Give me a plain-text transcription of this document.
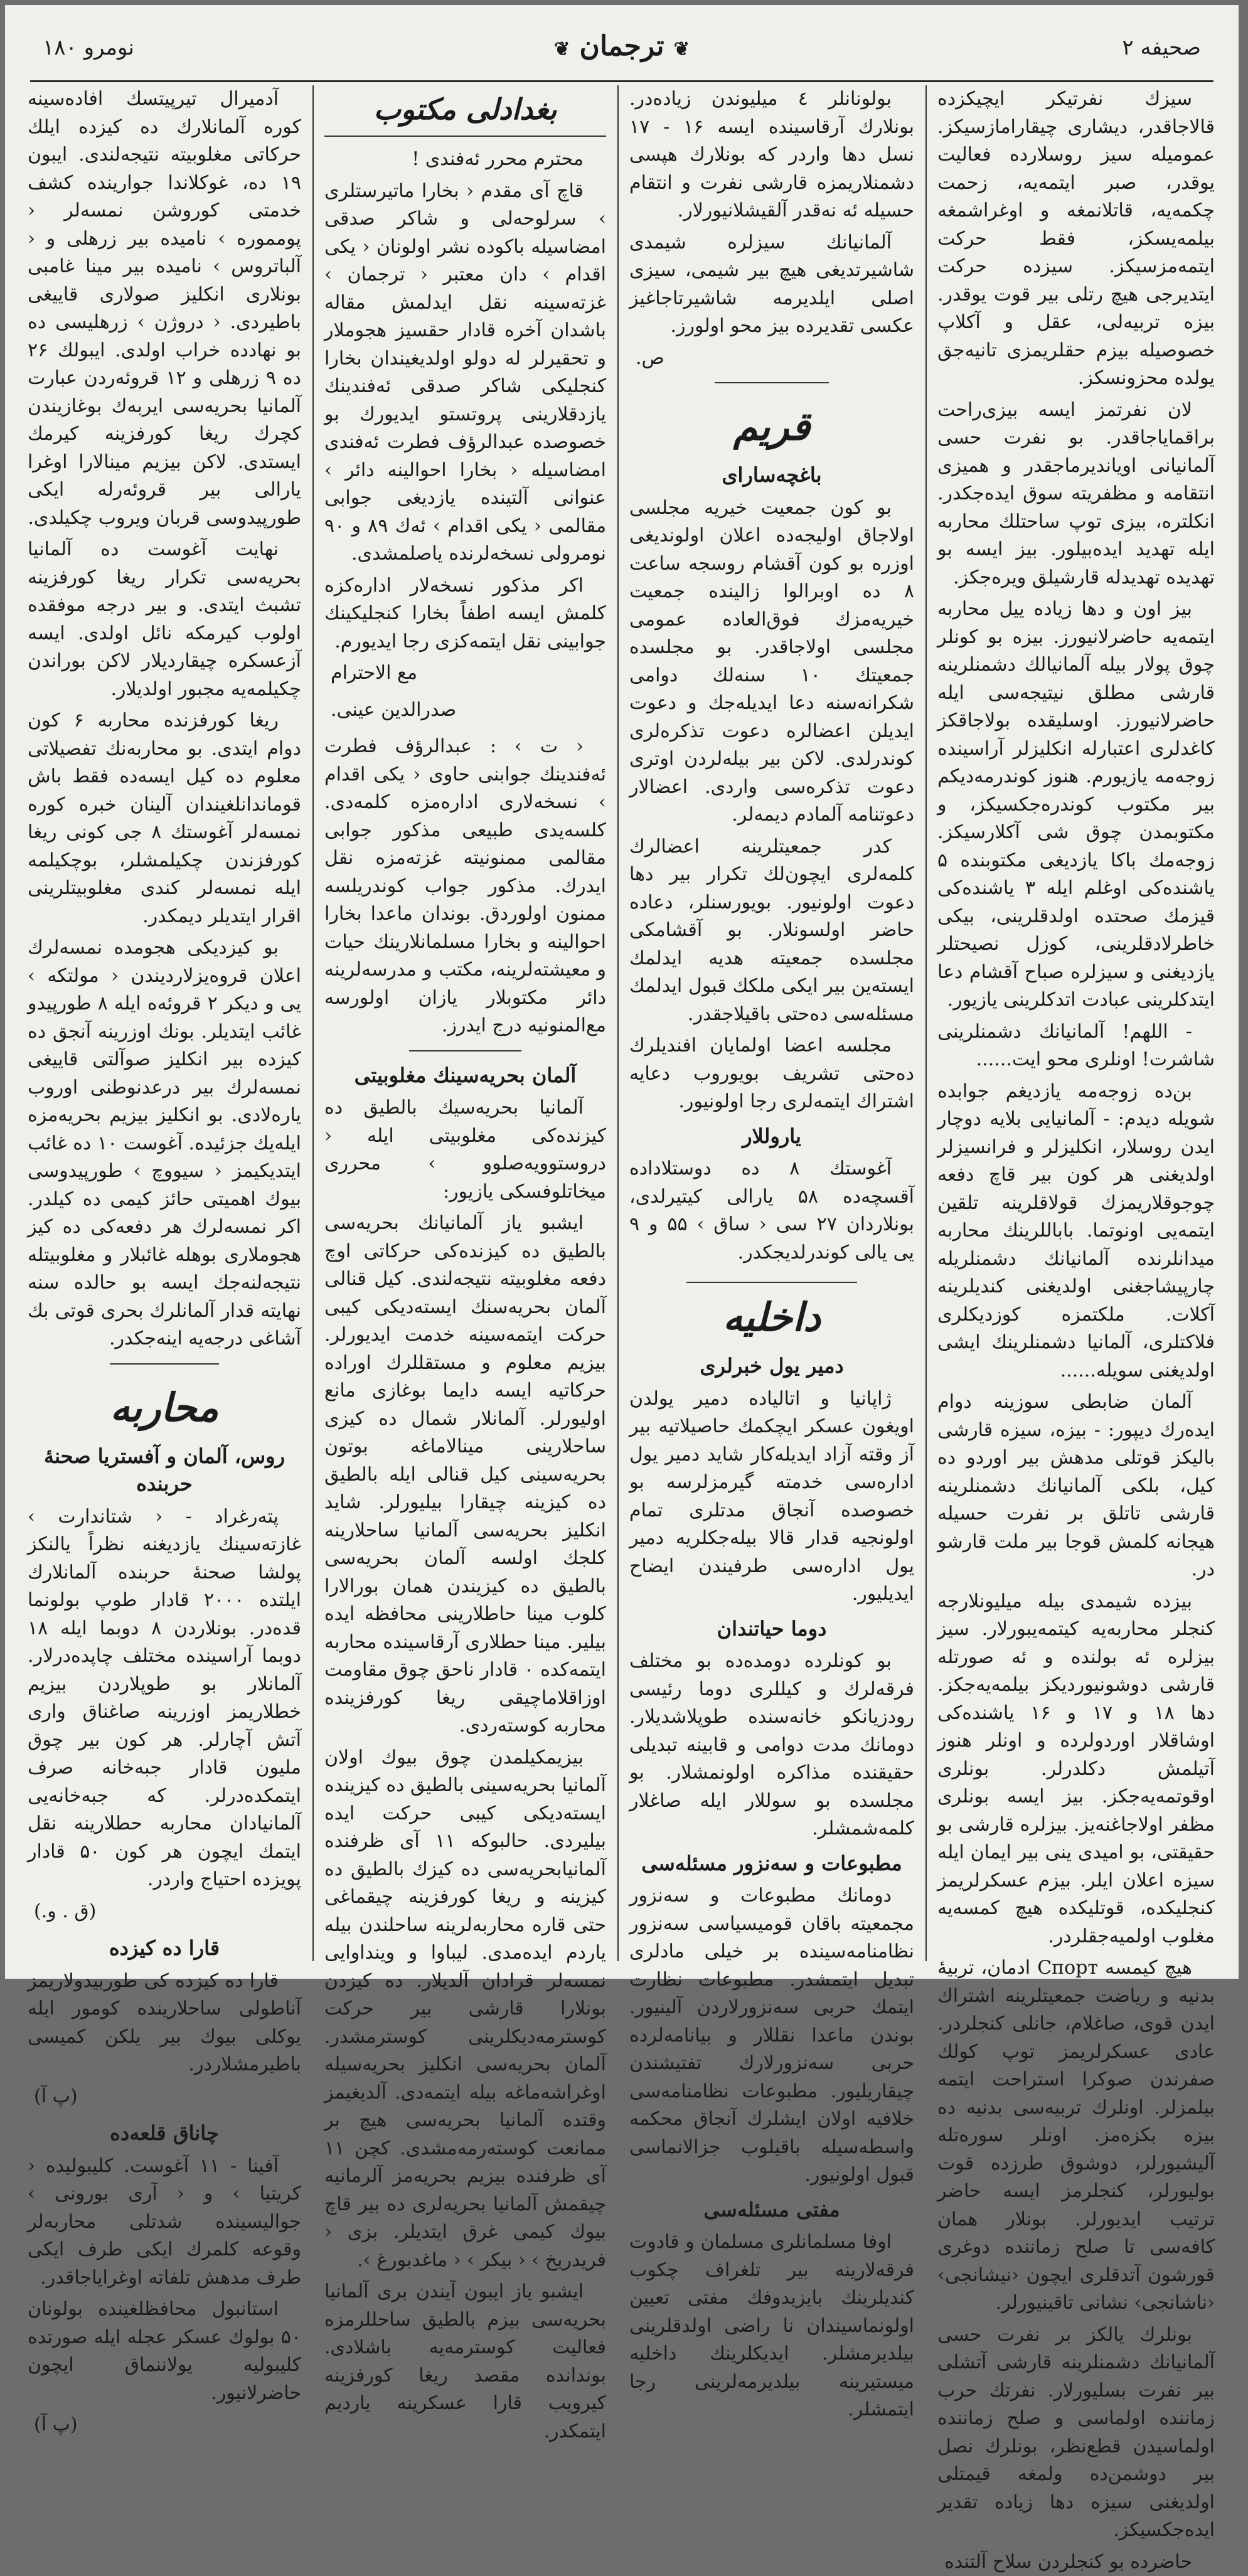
صحیفه ۲
❦ ترجمان ❦
نومرو ۱۸۰

سیزك نفرتیكر ایچیكزده قالاجاقدر، دیشاری چیقارامازسیكز. عمومیله سیز روسلارده فعالیت یوقدر، صبر ایتمه‌یه، زحمت چكمه‌یه، قاتلانمغه و اوغراشمغه بیلمه‌یسكز، فقط حركت ایتمه‌مزسیكز. سیزده حركت ایتدیرجی هیچ رتلی بیر قوت یوقدر. بیزه تربیه‌لی، عقل و آكلاپ خصوصیله بیزم حقلریمزی تانیه‌جق یولده محزونسكز.

لان نفرتمز ایسه بیزی‌راحت براقمایاجاقدر. بو نفرت حسی آلمانیانی اویاندیرماجقدر و همیزی انتقامه و مظفریته سوق ایده‌جكدر. انكلتره، بیزی توپ ساحتلك محاربه ایله تهدید ایده‌بیلور. بیز ایسه بو تهدیده تهدیدله قارشیلق ویره‌جكز.

بیز اون و دها زیاده ییل محاربه ایتمه‌یه حاضرلانیورز. بیزه بو كونلر چوق پولار بیله آلمانیالك دشمنلرینه قارشی مطلق نیتیجه‌سی ایله حاضرلانیورز. اوسلیقده بولاجاقكز كاغدلری اعتبارله انكلیزلر آراسینده زوجه‌مه یازیورم. هنوز كوندرمه‌دیكم بیر مكتوب كوندره‌جكسیكز، و مكتوبمدن چوق شی آكلارسیكز. زوجه‌مك باكا یازدیغی مكتوبنده ۵ یاشنده‌كی اوغلم ایله ۳ یاشنده‌كی قیزمك صحتده اولدقلرینی، بیكی خاطرلادقلرینی، كوزل نصیحتلر یازدیغنی و سیزلره صباح آقشام دعا ایتدكلرینی عبادت اتدكلرینی یازیور.

- اللهم! آلمانیانك دشمنلرینی شاشرت! اونلری محو ایت......

بن‌ده زوجه‌مه یازدیغم جوابده شویله دیدم: - آلمانیایی بلایه دوچار ایدن روسلار، انكلیزلر و فرانسیزلر اولدیغنی هر كون بیر قاچ دفعه چوجوقلاریمزك قولاقلرینه تلقین ایتمه‌یی اونوتما. باباللرینك محاربه میدانلرنده آلمانیانك دشمنلریله چارپیشاجغنی اولدیغنی كندیلرینه آكلات. ملكتمزه كوزدیكلری فلاكتلری، آلمانیا دشمنلرینك ایشی اولدیغنی سویله......

آلمان ضابطی سوزینه دوام ایده‌رك دیپور: - بیزه، سیزه قارشی بالیكز قوتلی مدهش بیر اوردو ده كیل، بلكی آلمانیانك دشمنلرینه قارشی تاتلق بر نفرت حسیله هیجانه كلمش قوجا بیر ملت قارشو در.

بیزده شیمدی بیله میلیونلارجه كنجلر محاربه‌یه كیتمه‌یبورلار. سیز بیزلره ئه بولنده و ئه صورتله قارشی دوشونیوردیكز بیلمه‌یه‌جكز. دها ۱۸ و ۱۷ و ۱۶ یاشنده‌كی اوشاقلار اوردولرده و اونلر هنوز آتیلمش دكلدرلر. بونلری اوقوتمه‌یه‌جكز. بیز ایسه بونلری مظفر اولاجاغنه‌یز. بیزلره قارشی بو حقیقتی، بو امیدی ینی بیر ایمان ایله سیزه اعلان ایلر. بیزم عسكرلریمز كنجلیكده، قوتلیكده هیچ كمسه‌یه مغلوب اولمیه‌جقلردر.

هیچ كیمسه Спорт ادمان، تربیهٔ بدنیه و ریاضت جمعیتلرینه اشتراك ایدن قوی، صاغلام، جانلی كنجلردر. عادی عسكرلریمز توپ كولك صفرندن صوكرا استراحت ایتمه بیلمزلر. اونلرك تربیه‌سی بدنیه ده بیزه بكزه‌مز. اونلر سوره‌تله آلیشیورلر، دوشوق طرزده قوت بولیورلر، كنجلرمز ایسه حاضر ترتیب ایدیورلر. بونلار همان كافه‌سی تا صلح زماننده دوغری قورشون آتدقلری ایچون ‹نیشانجی› ‹ناشانجی› نشانی تاقینیورلر.

بونلرك یالكز بر نفرت حسی آلمانیانك دشمنلرینه قارشی آتشلی بیر نفرت بسلیورلار. نفرتك حرب زماننده اولماسی و صلح زماننده اولماسیدن قطع‌نظر، بونلرك نصل بیر دوشمن‌ده ولمغه قیمتلی اولدیغنی سیزه دها زیاده تقدیر ایده‌جكسیكز.

حاضرده بو كنجلردن سلاح آلتنده

بولونانلر ٤ میلیوندن زیاده‌در. بونلارك آرقاسینده ایسه ۱۶ - ۱۷ نسل دها واردر كه بونلارك هپسی دشمنلاریمزه قارشی نفرت و انتقام حسیله ئه نه‌قدر آلقیشلانیورلار.

آلمانیانك سیزلره شیمدی شاشیرتدیغی هیچ بیر شیمی، سیزی اصلی ایلدیرمه شاشیرتاجاغیز عكسی تقدیرده بیز محو اولورز.

ص.

قریم
باغچه‌سارای

بو كون جمعیت خیریه مجلسی اولاجاق اولیجه‌ده اعلان اولوندیغی اوزره بو كون آقشام روسجه ساعت ۸ ده اوبرالوا زالینده جمعیت خیریه‌مزك فوق‌العاده عمومی مجلسی اولاجاقدر. بو مجلسده جمعیتك ۱۰ سنه‌لك دوامی شكرانه‌سنه دعا ایدیله‌جك و دعوت ایدیلن اعضالره دعوت تذكره‌لری كوندرلدی. لاكن بیر بیله‌لردن اوتری دعوت تذكره‌سی واردی. اعضالار دعوتنامه آلمادم دیمه‌لر.

كدر جمعیتلرینه اعضالرك كلمه‌لری ایچون‌لك تكرار بیر دها دعوت اولونیور. بویورسنلر، دعاده حاضر اولسونلار. بو آقشامكی مجلسده جمعیته هدیه ایدلمك ایسته‌ین بیر ایكی ملكك قبول ایدلمك مسئله‌سی ده‌حتی باقیلاجقدر.

مجلسه اعضا اولمایان افندیلرك ده‌حتی تشریف بویوروب دعایه اشتراك ایتمه‌لری رجا اولونیور.

یاروللار

آغوستك ۸ ده دوستلاداده آقسچه‌ده ۵۸ یارالی كیتیرلدی، بونلاردان ۲۷ سی ‹ ساق › ۵۵ و ۹ یی یالی كوندرلدیجكدر.

داخلیه
دمیر یول خبرلری

ژاپانیا و اتالیا‌ده دمیر یولدن اویغون عسكر ایچكمك حاصیلاتیه بیر آز وقته آزاد ایدیله‌كار شاید دمیر یول اداره‌سی خدمته گیرمزلرسه بو خصوصده آنجاق مدتلری تمام اولونجیه قدار قالا بیله‌جكلریه دمیر یول اداره‌سی طرفیندن ایضاح ایدیلیور.

دوما حیاتندان

بو كونلرده دومده‌ده بو مختلف فرقه‌لرك و كیللری دوما رئیسی رودزیانكو خانه‌سنده طوپلاشدیلار. دومانك مدت دوامی و قابینه تبدیلی حقیقنده مذاكره اولونمشلار. بو مجلسده بو سوللار ایله صاغلار كلمه‌شمشلر.

مطبوعات و سه‌نزور مسئله‌سی

دومانك مطبوعات و سه‌نزور مجمعیته باقان قومیسیاسی سه‌نزور نظامنامه‌سینده بر خیلی مادلری تبدیل ایتمشدر. مطبوعات نظارت ایتمك حربی سه‌نزورلاردن آلینیور. بوندن ماعدا نقللار و بیانامه‌لرده حربی سه‌نزورلارك تفتیشندن چیقاریلیور. مطبوعات نظامنامه‌سی خلافیه اولان ایشلرك آنجاق محكمه واسطه‌سیله باقیلوب جزالانماسی قبول اولونیور.

مفتی مسئله‌سی

اوفا مسلمانلری مسلمان و قادوت فرقه‌لارینه بیر تلغراف چكوب كندیلرینك بایزیدوفك مفتی تعیین اولونماسیندان نا راضی اولدقلرینی بیلدیرمشلر. ایدیكلرینك داخلیه میستیرینه بیلدیرمه‌لرینی رجا ایتمشلر.

بغدادلی مكتوب

محترم محرر ئه‌فندی !

قاچ آی مقدم ‹ بخارا ماتیرستلری › سرلوحه‌لی و شاكر صدقی امضاسیله باكوده نشر اولونان ‹ یكی اقدام › دان معتبر ‹ ترجمان › غزته‌سینه نقل ایدلمش مقاله باشدان آخره قادار حقسیز هجوملار و تحقیرلر له دولو اولدیغیندان بخارا كنجلیكی شاكر صدقی ئه‌فندینك یازدقلارینی پروتستو ایدیورك بو خصوصده عبدالرؤف فطرت ئه‌فندی امضاسیله ‹ بخارا احوالینه دائر › عنوانی آلتینده یازدیغی جوابی مقالمی ‹ یكی اقدام › ئه‌ك ۸۹ و ۹۰ نومرولی نسخه‌لرنده یاصلمشدی.

اكر مذكور نسخه‌لار اداره‌كزه كلمش ایسه اطفاً بخارا كنجلیكینك جوابینی نقل ایتمه‌كزی رجا ایدیورم.

مع الاحترام

صدرالدین عینی.

‹ ت › : عبدالرؤف فطرت ئه‌فندینك جوابنی حاوی ‹ یكی اقدام › نسخه‌لاری اداره‌مزه كلمه‌دی. كلسه‌یدی طبیعی مذكور جوابی مقالمی ممنونیته غزته‌مزه نقل ایدرك. مذكور جواب كوندریلسه ممنون اولوردق. بوندان ماعدا بخارا احوالینه و بخارا مسلمانلارینك حیات و معیشته‌لرینه، مكتب و مدرسه‌لرینه دائر مكتوبلار یازان اولورسه مع‌المنونیه درج ایدرز.

آلمان بحریه‌سینك مغلوبیتی

آلمانیا بحریه‌سیك بالطیق ده كیزنده‌كی مغلوبیتی ایله ‹ دروستوویه‌صلوو › محرری میخاتلوفسكی یازیور:

ایشبو یاز آلمانیانك بحریه‌سی بالطیق ده كیزنده‌كی حركاتی اوچ دفعه مغلوبیته نتیجه‌لندی. كیل قنالی آلمان بحریه‌سنك ایسته‌دیكی كیبی حركت ایتمه‌سینه خدمت ایدیورلر. بیزیم معلوم و مستقللرك اوراده حركاتیه ایسه دایما بوغازی مانع اولیورلر. آلمانلار شمال ده كیزی ساحلارینی مینالاماغه بوتون بحریه‌سینی كیل قنالی ایله بالطیق ده كیزینه چیقارا بیلیورلر. شاید انكلیز بحریه‌سی آلمانیا ساحلارینه كلجك اولسه آلمان بحریه‌سی بالطیق ده كیزیندن همان بورالارا كلوب مینا حاطلارینی محافظه ایده بیلیر. مینا حطلاری آرقاسینده محاربه ایتمه‌كده ۰ قادار ناحق چوق مقاومت اوزاقلاماچیقی ریغا كورفزینده محاربه كوسته‌ردی.

بیزیمكیلمدن چوق بیوك اولان آلمانیا بحریه‌سینی بالطیق ده كیزینده ایسته‌دیكی كیبی حركت ایده بیلیردی. حالبوكه ۱۱ آی ظرفنده آلمانیابحریه‌سی ده كیزك بالطیق ده كیزینه و ریغا كورفزینه چیقماغی حتی قاره محاربه‌لرینه ساحلندن بیله یاردم ایده‌مدی. لیباوا و وینداوایی نمسه‌لر قرادان آلدیلار. ده كیزدن بونلارا قارشی بیر حركت كوسترمه‌دیكلرینی كوسترمشدر. آلمان بحریه‌سی انكلیز بحریه‌سیله اوغراشه‌ماغه بیله ایتمه‌دی. آلدیغیمز وقتده آلمانیا بحریه‌سی هیچ بر ممانعت كوسته‌رمه‌مشدی. كچن ۱۱ آی ظرفنده بیزیم بحریه‌مز آلرمانیه چیقمش آلمانیا بحریه‌لری ده بیر قاچ بیوك كیمی غرق ایتدیلر. بزی ‹ فریدریخ › ‹ بیكر › ‹ ماغدبورغ ›.

ایشبو یاز ایبون آیندن بری آلمانیا بحریه‌سی بیزم بالطیق ساحللرمزه فعالیت كوسترمه‌یه باشلادی. بوندانده مقصد ریغا كورفزینه كیرویب قارا عسكرینه یاردیم ایتمكدر.

آدمیرال تیرپیتسك افاده‌سینه كوره آلمانلارك ده كیزده ایلك حركاتی مغلوبیته نتیجه‌لندی. ایبون ۱۹ ده، غوكلاندا جوارینده كشف خدمتی كوروشن نمسه‌لر ‹ پومموره › نامیده بیر زرهلی و ‹ آلباتروس › نامیده بیر مینا غامبی بونلاری انكلیز صولاری قاییغی باطیردی. ‹ دروژن › زرهلیسی ده بو نهادده خراب اولدی. ایبولك ۲۶ ده ۹ زرهلی و ۱۲ قروئه‌ردن عبارت آلمانیا بحریه‌سی ایربه‌ك بوغازیندن كچرك ریغا كورفزینه كیرمك ایستدی. لاكن بیزیم مینالارا اوغرا یارالی بیر قروئه‌رله ایكی طورپیدوسی قربان ویروب چكیلدی.

نهایت آغوست ده آلمانیا بحریه‌سی تكرار ریغا كورفزینه تشبث ایتدی. و بیر درجه موفقده اولوب كیرمكه نائل اولدی. ایسه آزعسكره چیقاردیلار لاكن بوراندن چكیلمه‌یه مجبور اولدیلار.

ریغا كورفزنده محاربه ۶ كون دوام ایتدی. بو محاربه‌نك تفصیلاتی معلوم ده كیل ایسه‌ده فقط باش قوماندانلغیندان آلینان خبره كوره نمسه‌لر آغوستك ۸ جی كونی ریغا كورفزندن چكیلمشلر، بوچكیلمه ایله نمسه‌لر كندی مغلوبیتلرینی اقرار ایتدیلر دیمكدر.

بو كیزدیكی هجومده نمسه‌لرك اعلان قروه‌یزلاردیندن ‹ مولتكه › یی و دیكر ۲ قروئه‌ه ایله ۸ طورپیدو غائب ایتدیلر. بونك اوزرینه آنجق ده كیزده بیر انكلیز صوآلتی قاییغی نمسه‌لرك بیر درعدنوطنی اوروب یاره‌لادی. بو انكلیز بیزیم بحریه‌مزه ایله‌یك جزئیده. آغوست ۱۰ ده غائب ایتدیكیمز ‹ سیووچ › طورپیدوسی بیوك اهمیتی حائز كیمی ده كیلدر. اكر نمسه‌لرك هر دفعه‌كی ده كیز هجوملاری بوهله غائبلار و مغلوبیتله نتیجه‌لنه‌جك ایسه بو حالده سنه نهایته قدار آلمانلرك بحری قوتی بك آشاغی درجه‌یه اینه‌جكدر.

محاربه
روس، آلمان و آفستریا صحنهٔ حربنده

پته‌رغراد - ‹ شتاندارت › غازته‌سینك یازدیغنه نظراً یالنكز پولشا صحنهٔ حربنده آلمانلارك ایلتده ۲۰۰۰ قادار طوپ بولونما قده‌در. بونلاردن ۸ دوبما ایله ۱۸ دوبما آراسینده مختلف چاپده‌درلار. آلمانلار بو طوپلاردن بیزیم خطلاریمز اوزرینه صاغناق واری آتش آچارلر. هر كون بیر چوق ملیون قادار جبه‌خانه صرف ایتمكده‌درلر. كه جبه‌خانه‌یی آلمانیادان محاربه حطلارینه نقل ایتمك ایچون هر كون ۵۰ قادار پویزده احتیاج واردر.

(ق . و.)

قارا ده كیزده

قارا ده كیزده كی طوربیدولاریمز آناطولی ساحلارینده كومور ایله یوكلی بیوك بیر یلكن كمیسی باطیرمشلاردر.

(پ آ)

چاناق قلعه‌ده

آفینا - ۱۱ آغوست. كلیبولیده ‹ كریتیا › و ‹ آری بورونی › جوالیسینده شدتلی محاربه‌لر وقوعه كلمرك ایكی طرف ایكی طرف مدهش تلفاته اوغرایاجاقدر.

استانبول محافظلغینده بولونان ۵۰ بولوك عسكر عجله ایله صورتده كلیبولیه یولاننماق ایچون حاضرلانیور.

(پ آ)
